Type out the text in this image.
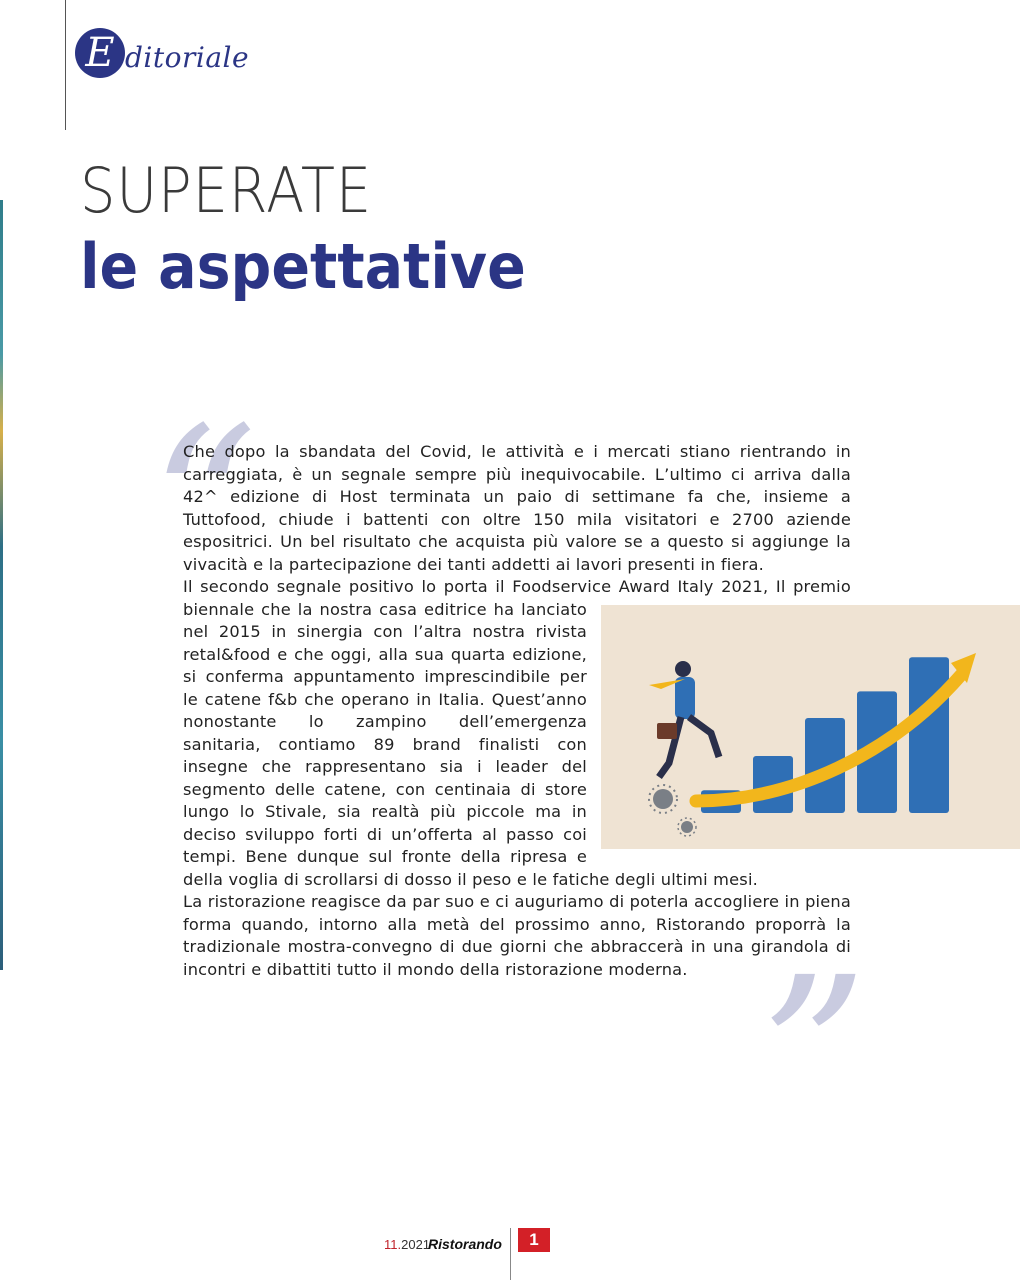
E ditoriale
SUPERATE
le aspettative
“

Che dopo la sbandata del Covid, le attività e i mercati stiano rientrando in carreggiata, è un segnale sempre più inequivocabile. L’ultimo ci arriva dalla 42^ edizione di Host terminata un paio di settimane fa che, insieme a Tuttofood, chiude i battenti con oltre 150 mila visitatori e 2700 aziende espositrici. Un bel risultato che acquista più valore se a questo si aggiunge la vivacità e la partecipazione dei tanti addetti ai lavori presenti in fiera.

Il secondo segnale positivo lo porta il Foodservice Award Italy 2021, Il premio biennale che la nostra casa editrice ha lanciato nel 2015 in sinergia con l’altra nostra rivista retal&food e che oggi, alla sua quarta edizione, si conferma appuntamento imprescindibile per le catene f&b che operano in Italia. Quest’anno nonostante lo zampino dell’emergenza sanitaria, contiamo 89 brand finalisti con insegne che rappresentano sia i leader del segmento delle catene, con centinaia di store lungo lo Stivale, sia realtà più piccole ma in deciso sviluppo forti di un’offerta al passo coi tempi. Bene dunque sul fronte della ripresa e della voglia di scrollarsi di dosso il peso e le fatiche degli ultimi mesi.

La ristorazione reagisce da par suo e ci auguriamo di poterla accogliere in piena forma quando, intorno alla metà del prossimo anno, Ristorando proporrà la tradizionale mostra-convegno di due giorni che abbraccerà in una girandola di incontri e dibattiti tutto il mondo della ristorazione moderna. ”
11.2021
Ristorando	1
